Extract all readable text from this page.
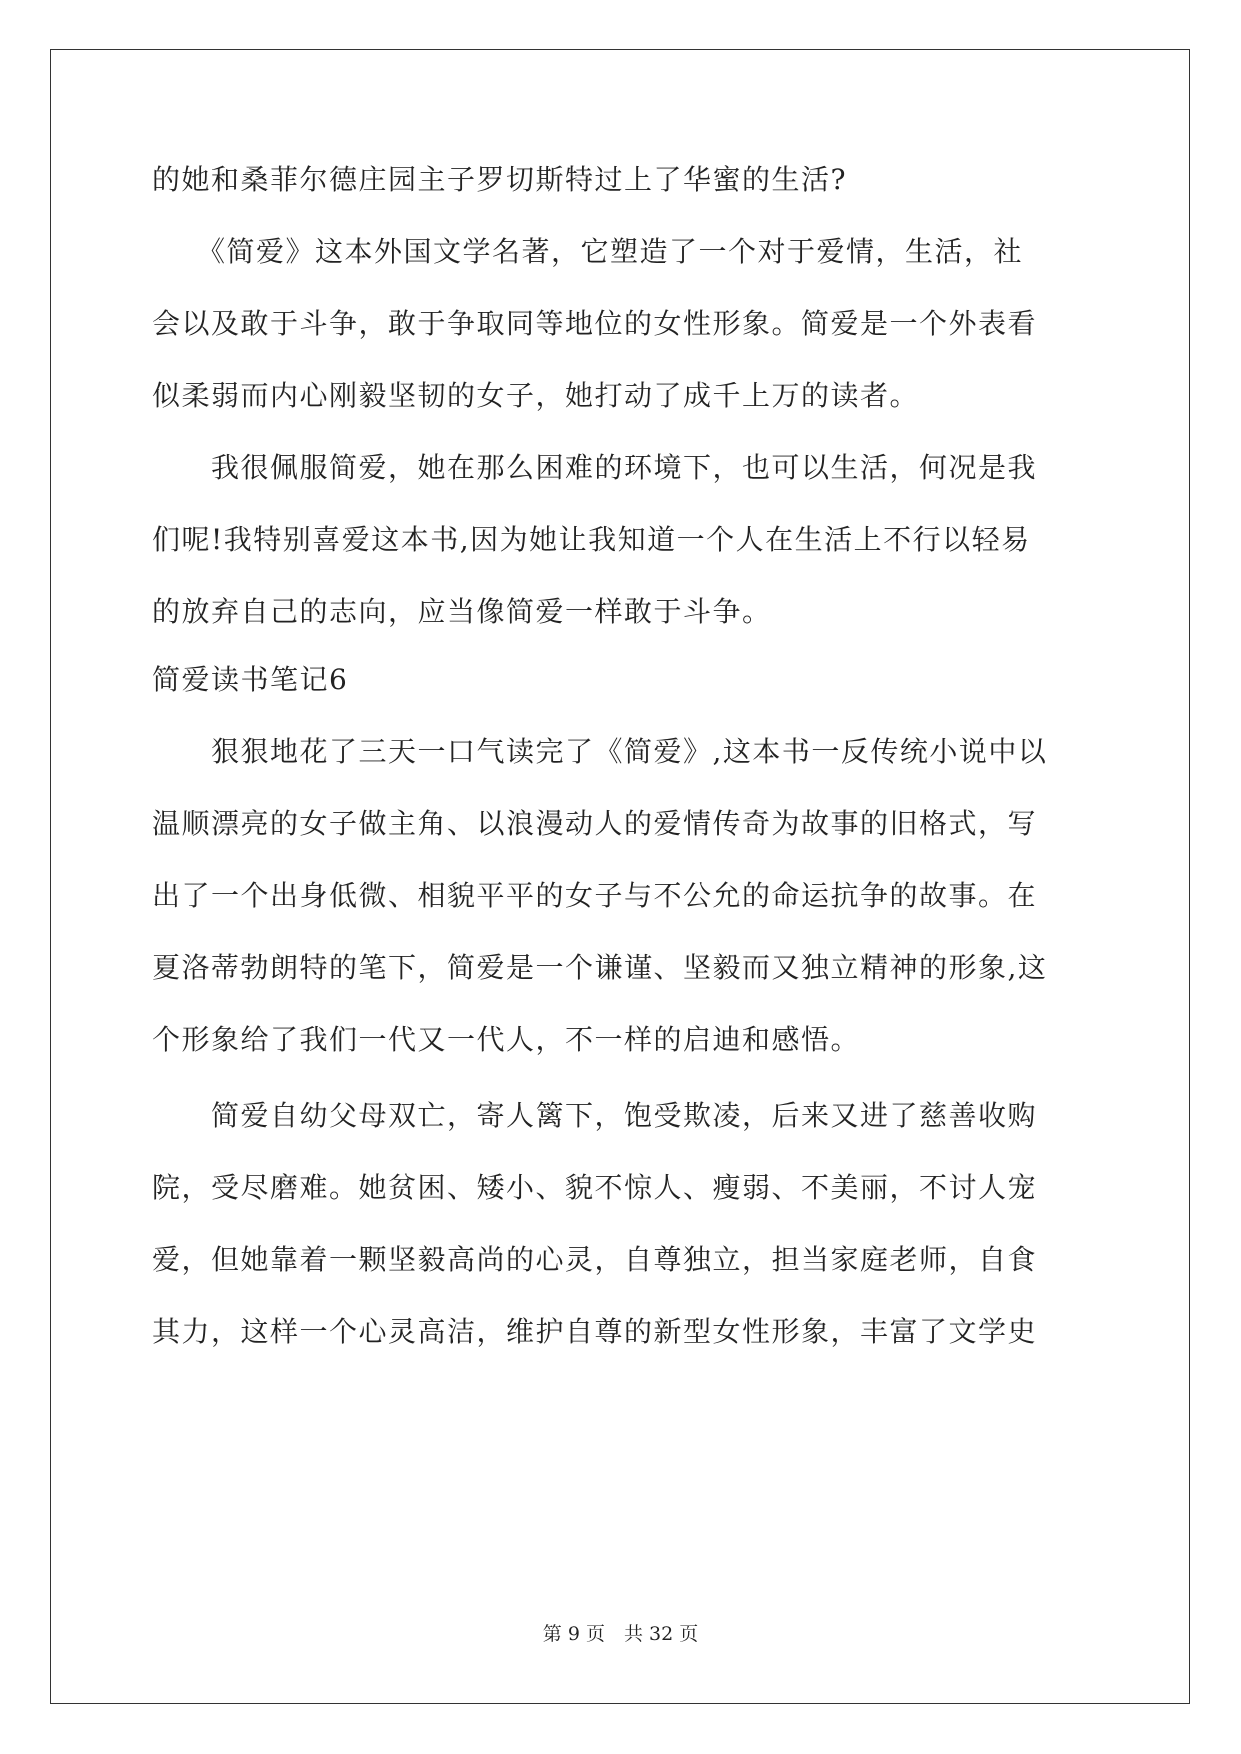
的她和桑菲尔德庄园主子罗切斯特过上了华蜜的生活?
　　《简爱》这本外国文学名著，它塑造了一个对于爱情，生活，社
会以及敢于斗争，敢于争取同等地位的女性形象。简爱是一个外表看
似柔弱而内心刚毅坚韧的女子，她打动了成千上万的读者。
　　我很佩服简爱，她在那么困难的环境下，也可以生活，何况是我
们呢!我特别喜爱这本书,因为她让我知道一个人在生活上不行以轻易
的放弃自己的志向，应当像简爱一样敢于斗争。
简爱读书笔记6
　　狠狠地花了三天一口气读完了《简爱》,这本书一反传统小说中以
温顺漂亮的女子做主角、以浪漫动人的爱情传奇为故事的旧格式，写
出了一个出身低微、相貌平平的女子与不公允的命运抗争的故事。在
夏洛蒂勃朗特的笔下，简爱是一个谦谨、坚毅而又独立精神的形象,这
个形象给了我们一代又一代人，不一样的启迪和感悟。
　　简爱自幼父母双亡，寄人篱下，饱受欺凌，后来又进了慈善收购
院，受尽磨难。她贫困、矮小、貌不惊人、瘦弱、不美丽，不讨人宠
爱，但她靠着一颗坚毅高尚的心灵，自尊独立，担当家庭老师，自食
其力，这样一个心灵高洁，维护自尊的新型女性形象，丰富了文学史
第 9 页　共 32 页
